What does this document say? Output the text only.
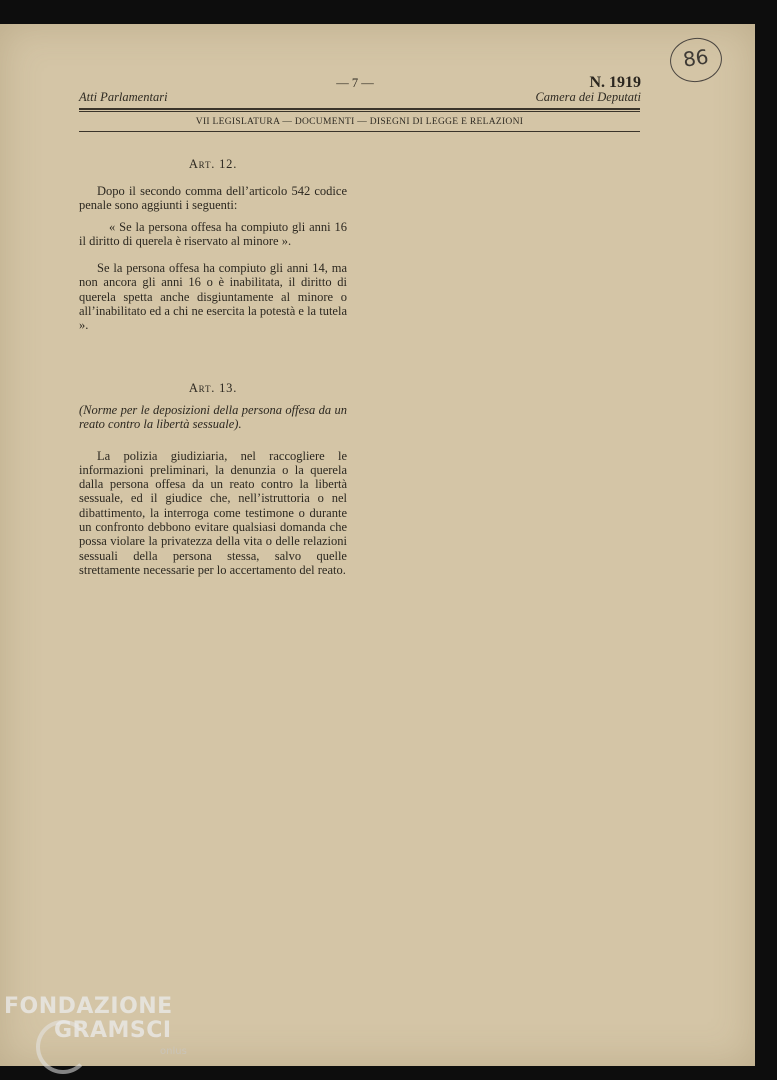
86
Atti Parlamentari
— 7 —	N. 1919
Camera dei Deputati
VII LEGISLATURA — DOCUMENTI — DISEGNI DI LEGGE E RELAZIONI
Art. 12.

Dopo il secondo comma dell’articolo 542 codice penale sono aggiunti i seguenti:

« Se la persona offesa ha compiuto gli anni 16 il diritto di querela è riservato al minore ».

Se la persona offesa ha compiuto gli anni 14, ma non ancora gli anni 16 o è inabilitata, il diritto di querela spetta anche disgiuntamente al minore o all’inabilitato ed a chi ne esercita la potestà e la tutela ».

Art. 13.

(Norme per le deposizioni della persona offesa da un reato contro la libertà sessuale).

La polizia giudiziaria, nel raccogliere le informazioni preliminari, la denunzia o la querela dalla persona offesa da un reato contro la libertà sessuale, ed il giudice che, nell’istruttoria o nel dibattimento, la interroga come testimone o durante un confronto debbono evitare qualsiasi domanda che possa violare la privatezza della vita o delle relazioni sessuali della persona stessa, salvo quelle strettamente necessarie per lo accertamento del reato.

FONDAZIONE
GRAMSCI
onlus
